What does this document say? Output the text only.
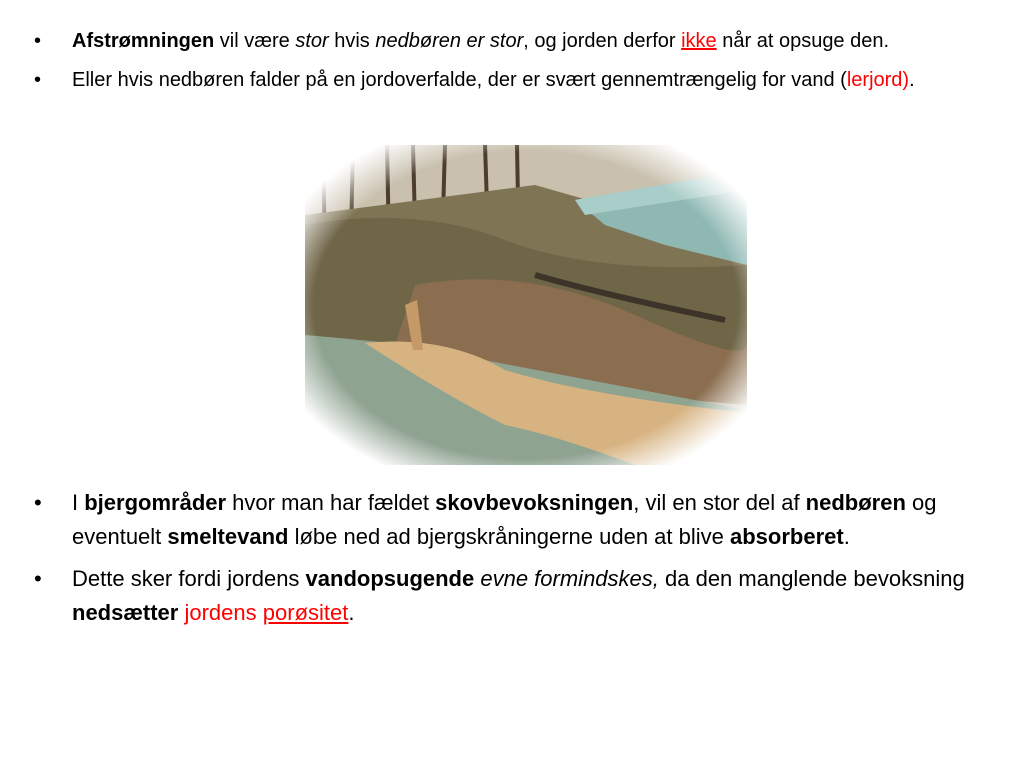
• Afstrømningen vil være stor hvis nedbøren er stor, og jorden derfor ikke når at opsuge den.
• Eller hvis nedbøren falder på en jordoverfalde, der er svært gennemtrængelig for vand (lerjord).
• I bjergområder hvor man har fældet skovbevoksningen, vil en stor del af nedbøren og eventuelt smeltevand løbe ned ad bjergskråningerne uden at blive absorberet.
• Dette sker fordi jordens vandopsugende evne formindskes, da den manglende bevoksning nedsætter jordens porøsitet.
